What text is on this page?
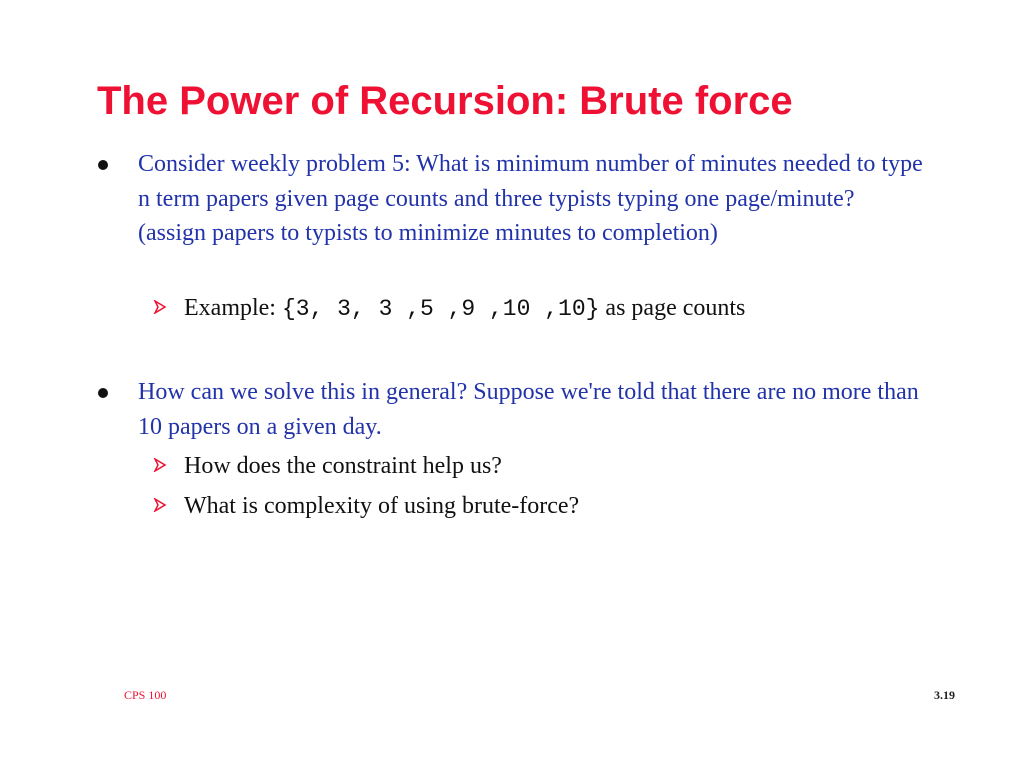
The Power of Recursion: Brute force
Consider weekly problem 5: What is minimum number of minutes needed to type n term papers given page counts and three typists typing one page/minute? (assign papers to typists to minimize minutes to completion)
Example: {3, 3, 3 ,5 ,9 ,10 ,10} as page counts
How can we solve this in general? Suppose we're told that there are no more than 10 papers on a given day.
How does the constraint help us?
What is complexity of using brute-force?
CPS 100	3.19
